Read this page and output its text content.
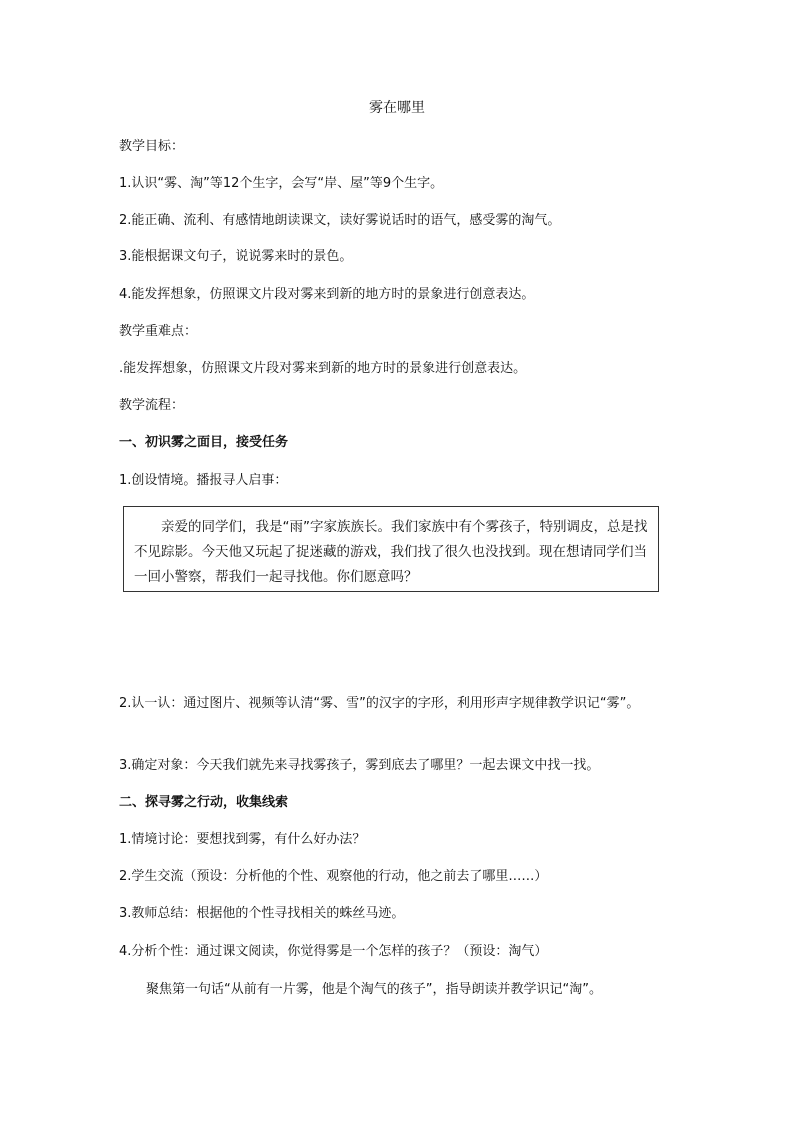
雾在哪里
教学目标：
1.认识“雾、淘”等12个生字，会写“岸、屋”等9个生字。
2.能正确、流利、有感情地朗读课文，读好雾说话时的语气，感受雾的淘气。
3.能根据课文句子，说说雾来时的景色。
4.能发挥想象，仿照课文片段对雾来到新的地方时的景象进行创意表达。
教学重难点：
.能发挥想象，仿照课文片段对雾来到新的地方时的景象进行创意表达。
教学流程：
一、初识雾之面目，接受任务
1.创设情境。播报寻人启事：

亲爱的同学们，我是“雨”字家族族长。我们家族中有个雾孩子，特别调皮，总是找不见踪影。今天他又玩起了捉迷藏的游戏，我们找了很久也没找到。现在想请同学们当一回小警察，帮我们一起寻找他。你们愿意吗？

2.认一认：通过图片、视频等认清“雾、雪”的汉字的字形，利用形声字规律教学识记“雾”。
3.确定对象：今天我们就先来寻找雾孩子，雾到底去了哪里？一起去课文中找一找。
二、探寻雾之行动，收集线索
1.情境讨论：要想找到雾，有什么好办法？
2.学生交流（预设：分析他的个性、观察他的行动，他之前去了哪里……）
3.教师总结：根据他的个性寻找相关的蛛丝马迹。
4.分析个性：通过课文阅读，你觉得雾是一个怎样的孩子？（预设：淘气）
聚焦第一句话“从前有一片雾，他是个淘气的孩子”，指导朗读并教学识记“淘”。
